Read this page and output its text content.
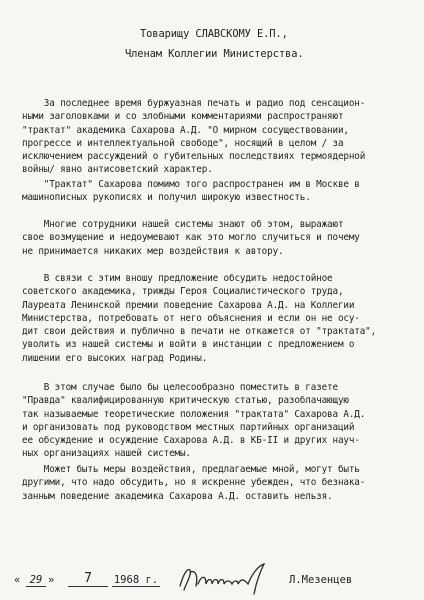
Товарищу СЛАВСКОМУ Е.П.,
Членам Коллегии Министерства.
За последнее время буржуазная печать и радио под сенсацион-
ными заголовками и со злобными комментариями распространяют
"трактат" академика Сахарова А.Д. "О мирном сосуществовании,
прогрессе и интеллектуальной свободе", носящий в целом / за
исключением рассуждений о губительных последствиях термоядерной
войны/ явно антисоветский характер.
"Трактат" Сахарова помимо того распространен им в Москве в
машинописных рукописях и получил широкую известность.
Многие сотрудники нашей системы знают об этом, выражают
свое возмущение и недоумевают как это могло случиться и почему
не принимается никаких мер воздействия к автору.
В связи с этим вношу предложение обсудить недостойное
советского академика, трижды Героя Социалистического труда,
Лауреата Ленинской премии поведение Сахарова А.Д. на Коллегии
Министерства, потребовать от него объяснения и если он не осу-
дит свои действия и публично в печати не откажется от "трактата",
уволить из нашей системы и войти в инстанции с предложением о
лишении его высоких наград Родины.
В этом случае было бы целесообразно поместить в газете
"Правда" квалифицированную критическую статью, разоблачающую
так называемые теоретические положения "трактата" Сахарова А.Д.
и организовать под руководством местных партийных организаций
ее обсуждение и осуждение Сахарова А.Д. в КБ-II и других науч-
ных организациях нашей системы.
Может быть меры воздействия, предлагаемые мной, могут быть
другими, что надо обсудить, но я искренне убежден, что безнака-
занным поведение академика Сахарова А.Д. оставить нельзя.
« 29 »	7	1968 г.	Л.Мезенцев
